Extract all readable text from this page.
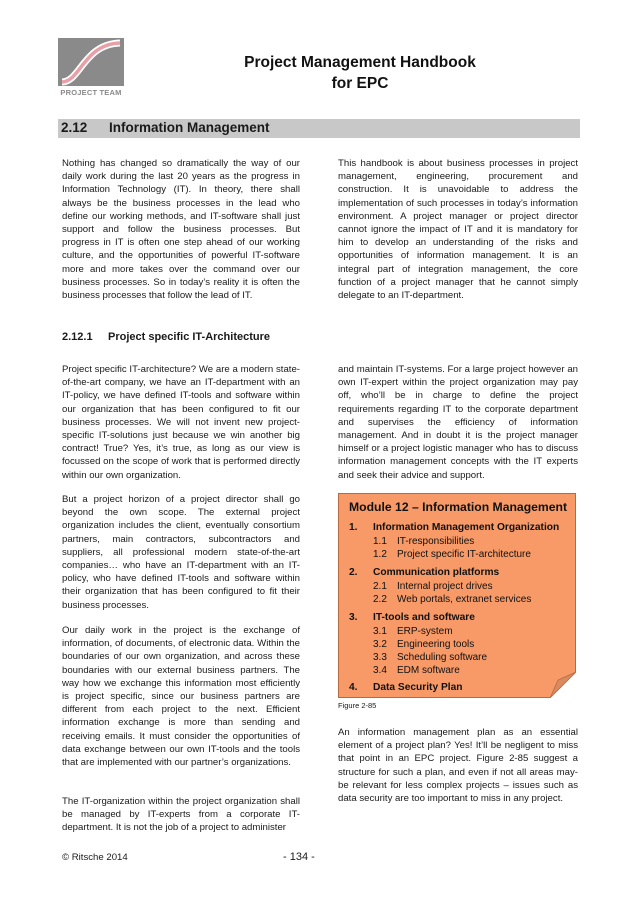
PROJECT TEAM
Project Management Handbook
for EPC
2.12 Information Management

Nothing has changed so dramatically the way of our daily work during the last 20 years as the progress in Information Technology (IT). In theory, there shall always be the business processes in the lead who define our working methods, and IT-software shall just support and follow the business processes. But progress in IT is often one step ahead of our working culture, and the opportunities of powerful IT-software more and more takes over the command over our business processes. So in today’s reality it is often the business processes that follow the lead of IT.

This handbook is about business processes in project management, engineering, procurement and construction. It is unavoidable to address the implementation of such processes in today’s information environment. A project manager or project director cannot ignore the impact of IT and it is mandatory for him to develop an understanding of the risks and opportunities of information management. It is an integral part of integration management, the core function of a project manager that he cannot simply delegate to an IT-department.

2.12.1 Project specific IT-Architecture

Project specific IT-architecture? We are a modern state-of-the-art company, we have an IT-department with an IT-policy, we have defined IT-tools and software within our organization that has been configured to fit our business processes. We will not invent new project-specific IT-solutions just because we win another big contract! True? Yes, it’s true, as long as our view is focussed on the scope of work that is performed directly within our own organization.

But a project horizon of a project director shall go beyond the own scope. The external project organization includes the client, eventually consortium partners, main contractors, subcontractors and suppliers, all professional modern state-of-the-art companies… who have an IT-department with an IT-policy, who have defined IT-tools and software within their organization that has been configured to fit their business processes.

Our daily work in the project is the exchange of information, of documents, of electronic data. Within the boundaries of our own organization, and across these boundaries with our external business partners. The way how we exchange this information most efficiently is project specific, since our business partners are different from each project to the next. Efficient information exchange is more than sending and receiving emails. It must consider the opportunities of data exchange between our own IT-tools and the tools that are implemented with our partner’s organizations.

The IT-organization within the project organization shall be managed by IT-experts from a corporate IT-department. It is not the job of a project to administer

and maintain IT-systems. For a large project however an own IT-expert within the project organization may pay off, who’ll be in charge to define the project requirements regarding IT to the corporate department and supervises the efficiency of information management. And in doubt it is the project manager himself or a project logistic manager who has to discuss information management concepts with the IT experts and seek their advice and support.

Module 12 – Information Management
1. Information Management Organization
1.1 IT-responsibilities
1.2 Project specific IT-architecture
2. Communication platforms
2.1 Internal project drives
2.2 Web portals, extranet services
3. IT-tools and software
3.1 ERP-system
3.2 Engineering tools
3.3 Scheduling software
3.4 EDM software
4. Data Security Plan
Figure 2-85

An information management plan as an essential element of a project plan? Yes! It’ll be negligent to miss that point in an EPC project. Figure 2-85 suggest a structure for such a plan, and even if not all areas may-be relevant for less complex projects – issues such as data security are too important to miss in any project.

© Ritsche 2014	- 134 -
